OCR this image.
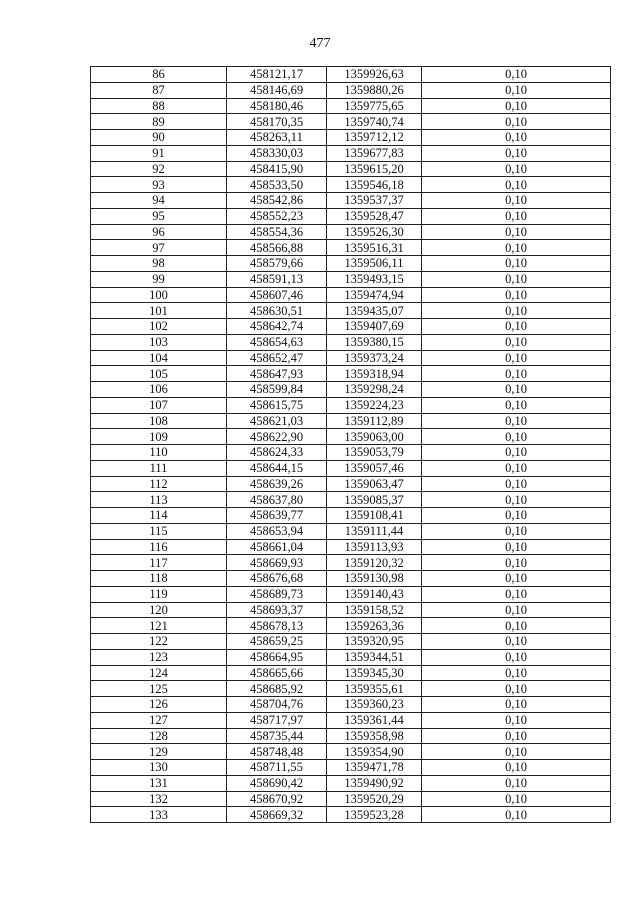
477
86	458121,17	1359926,63	0,10
87	458146,69	1359880,26	0,10
88	458180,46	1359775,65	0,10
89	458170,35	1359740,74	0,10
90	458263,11	1359712,12	0,10
91	458330,03	1359677,83	0,10
92	458415,90	1359615,20	0,10
93	458533,50	1359546,18	0,10
94	458542,86	1359537,37	0,10
95	458552,23	1359528,47	0,10
96	458554,36	1359526,30	0,10
97	458566,88	1359516,31	0,10
98	458579,66	1359506,11	0,10
99	458591,13	1359493,15	0,10
100	458607,46	1359474,94	0,10
101	458630,51	1359435,07	0,10
102	458642,74	1359407,69	0,10
103	458654,63	1359380,15	0,10
104	458652,47	1359373,24	0,10
105	458647,93	1359318,94	0,10
106	458599,84	1359298,24	0,10
107	458615,75	1359224,23	0,10
108	458621,03	1359112,89	0,10
109	458622,90	1359063,00	0,10
110	458624,33	1359053,79	0,10
111	458644,15	1359057,46	0,10
112	458639,26	1359063,47	0,10
113	458637,80	1359085,37	0,10
114	458639,77	1359108,41	0,10
115	458653,94	1359111,44	0,10
116	458661,04	1359113,93	0,10
117	458669,93	1359120,32	0,10
118	458676,68	1359130,98	0,10
119	458689,73	1359140,43	0,10
120	458693,37	1359158,52	0,10
121	458678,13	1359263,36	0,10
122	458659,25	1359320,95	0,10
123	458664,95	1359344,51	0,10
124	458665,66	1359345,30	0,10
125	458685,92	1359355,61	0,10
126	458704,76	1359360,23	0,10
127	458717,97	1359361,44	0,10
128	458735,44	1359358,98	0,10
129	458748,48	1359354,90	0,10
130	458711,55	1359471,78	0,10
131	458690,42	1359490,92	0,10
132	458670,92	1359520,29	0,10
133	458669,32	1359523,28	0,10
